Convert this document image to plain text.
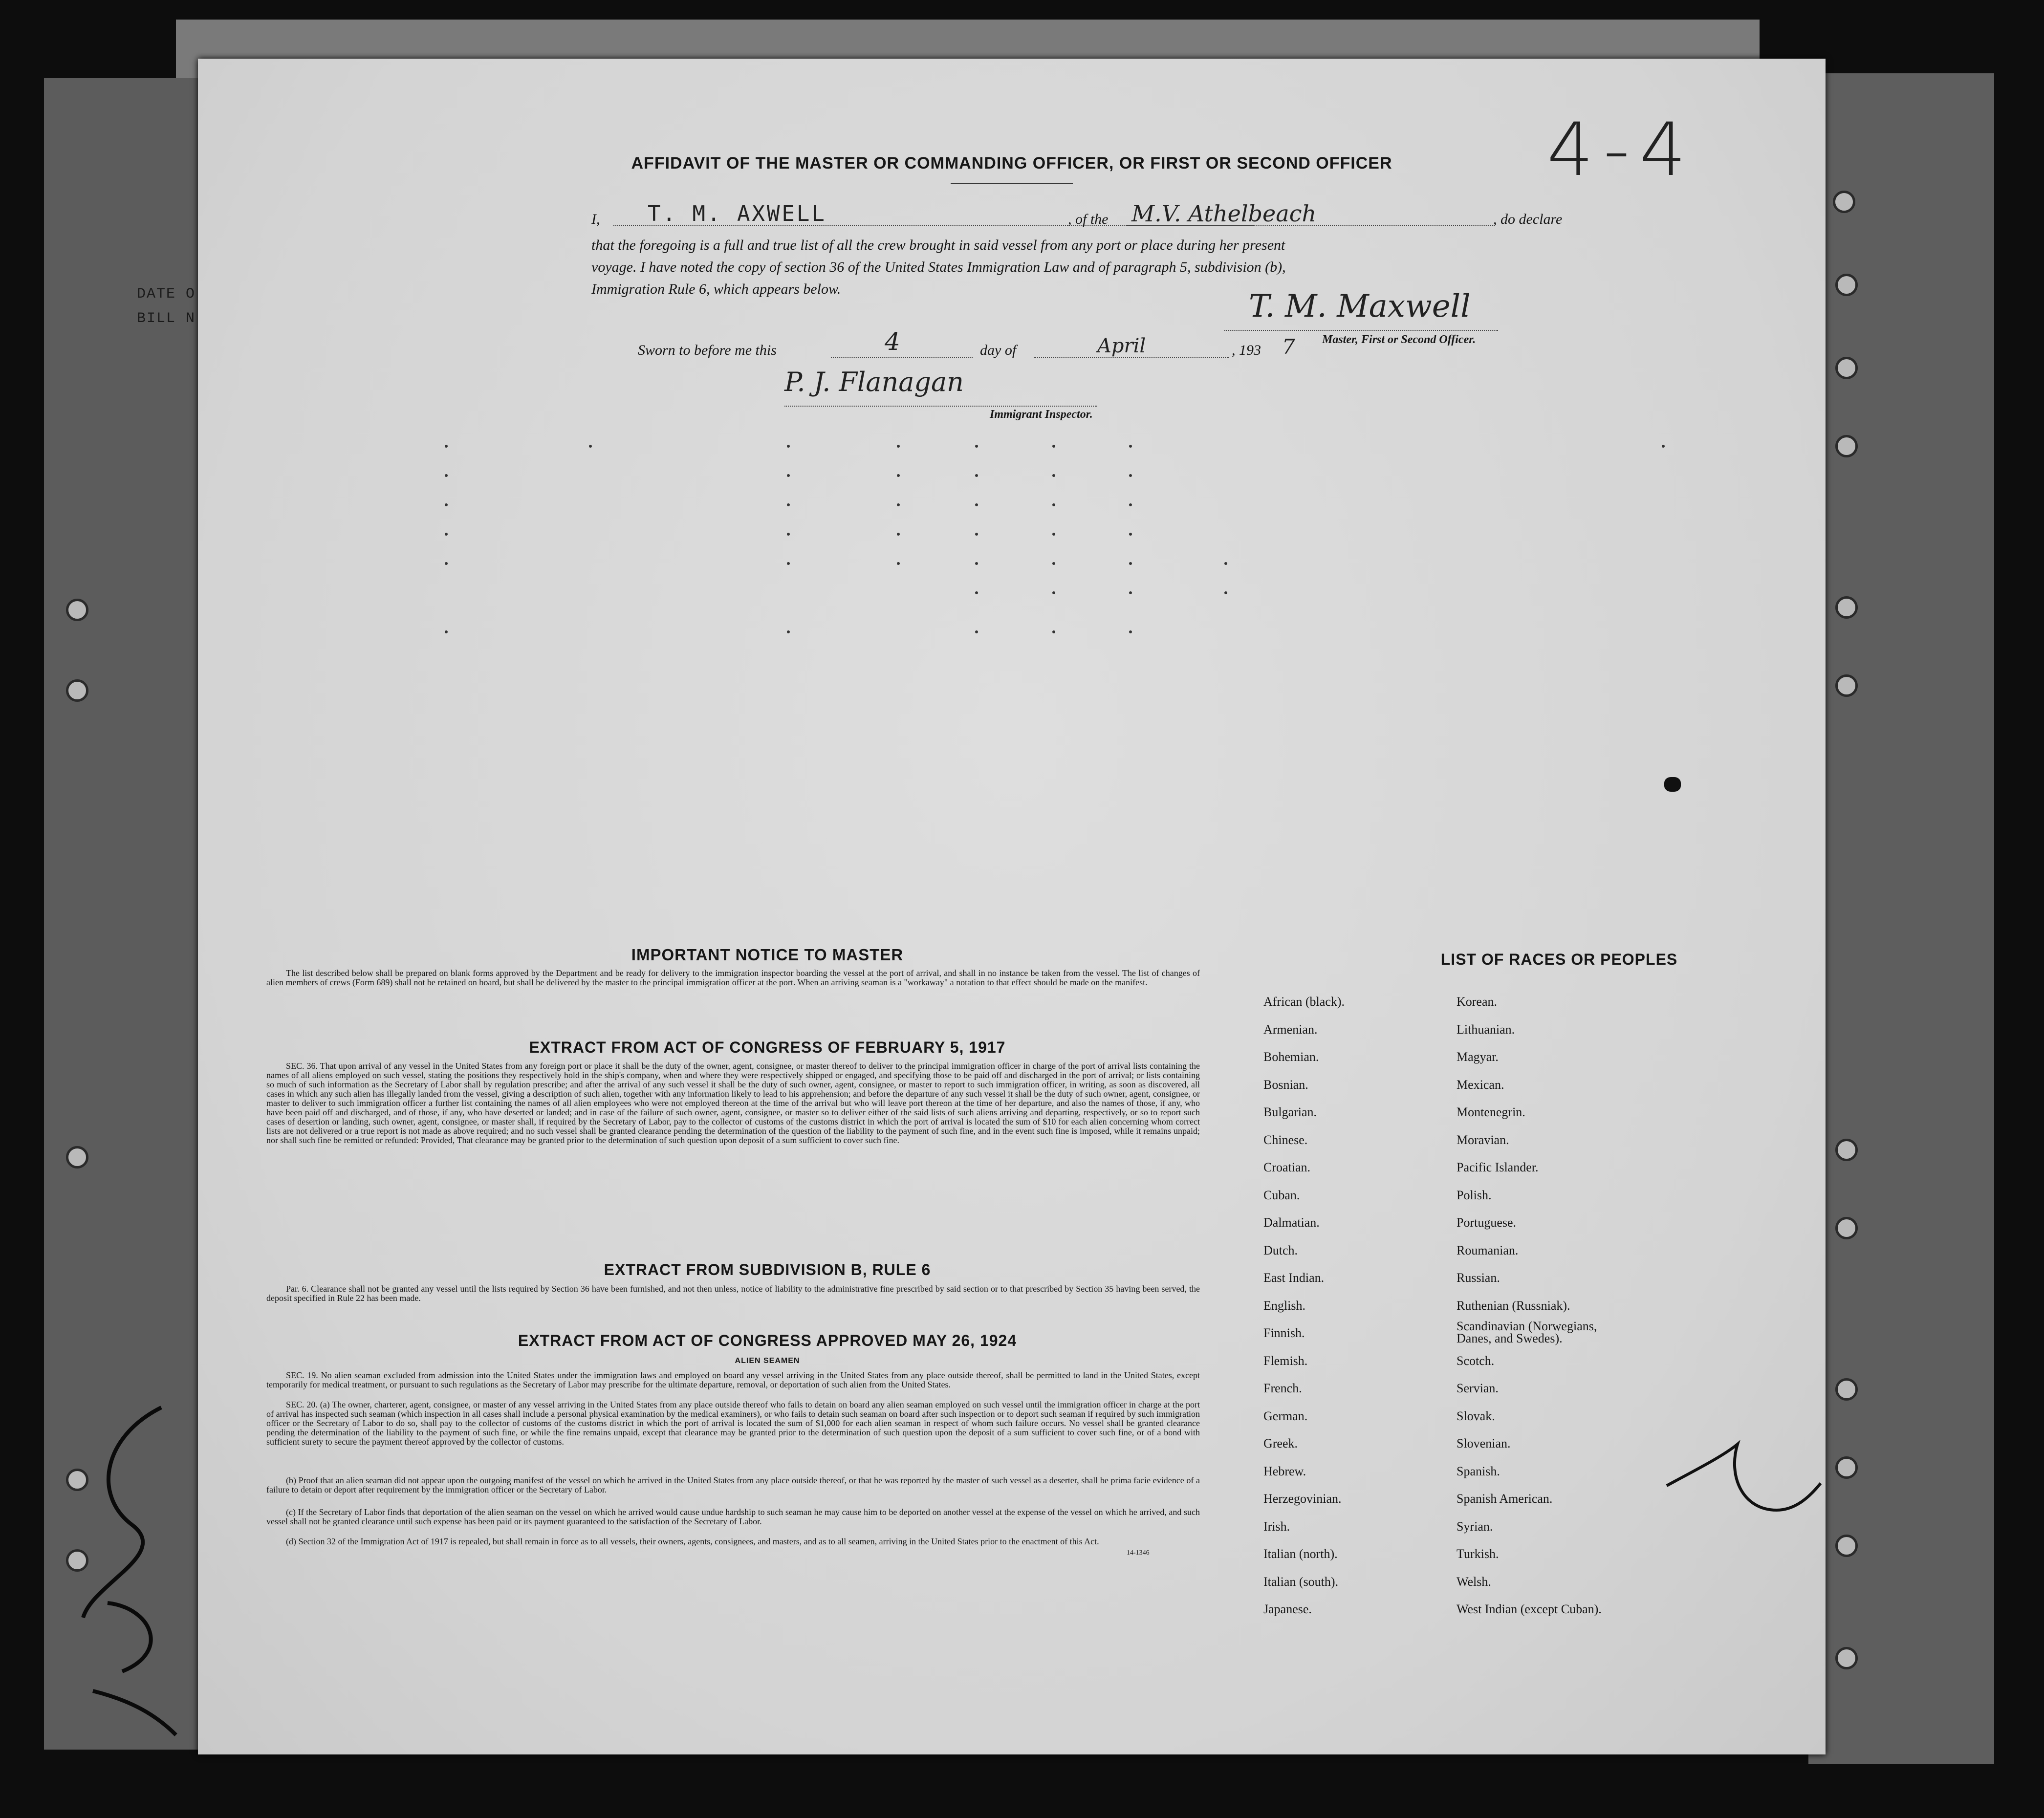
DATE O
BILL N
4-4
AFFIDAVIT OF THE MASTER OR COMMANDING OFFICER, OR FIRST OR SECOND OFFICER
I, T. M. AXWELL	, of the M.V. Athelbeach	, do declare
that the foregoing is a full and true list of all the crew brought in said vessel from any port or place during her present
voyage. I have noted the copy of section 36 of the United States Immigration Law and of paragraph 5, subdivision (b),
Immigration Rule 6, which appears below.	T. M. Maxwell
Master, First or Second Officer.
Sworn to before me this	4	day of	April	, 193 7
P. J. Flanagan
Immigrant Inspector.
IMPORTANT NOTICE TO MASTER
The list described below shall be prepared on blank forms approved by the Department and be ready for delivery to the immigration inspector boarding the vessel at the port of arrival, and shall in no instance be taken from the vessel. The list of changes of alien members of crews (Form 689) shall not be retained on board, but shall be delivered by the master to the principal immigration officer at the port. When an arriving seaman is a "workaway" a notation to that effect should be made on the manifest.
EXTRACT FROM ACT OF CONGRESS OF FEBRUARY 5, 1917
SEC. 36. That upon arrival of any vessel in the United States from any foreign port or place it shall be the duty of the owner, agent, consignee, or master thereof to deliver to the principal immigration officer in charge of the port of arrival lists containing the names of all aliens employed on such vessel, stating the positions they respectively hold in the ship's company, when and where they were respectively shipped or engaged, and specifying those to be paid off and discharged in the port of arrival; or lists containing so much of such information as the Secretary of Labor shall by regulation prescribe; and after the arrival of any such vessel it shall be the duty of such owner, agent, consignee, or master to report to such immigration officer, in writing, as soon as discovered, all cases in which any such alien has illegally landed from the vessel, giving a description of such alien, together with any information likely to lead to his apprehension; and before the departure of any such vessel it shall be the duty of such owner, agent, consignee, or master to deliver to such immigration officer a further list containing the names of all alien employees who were not employed thereon at the time of the arrival but who will leave port thereon at the time of her departure, and also the names of those, if any, who have been paid off and discharged, and of those, if any, who have deserted or landed; and in case of the failure of such owner, agent, consignee, or master so to deliver either of the said lists of such aliens arriving and departing, respectively, or so to report such cases of desertion or landing, such owner, agent, consignee, or master shall, if required by the Secretary of Labor, pay to the collector of customs of the customs district in which the port of arrival is located the sum of $10 for each alien concerning whom correct lists are not delivered or a true report is not made as above required; and no such vessel shall be granted clearance pending the determination of the question of the liability to the payment of such fine, and in the event such fine is imposed, while it remains unpaid; nor shall such fine be remitted or refunded: Provided, That clearance may be granted prior to the determination of such question upon deposit of a sum sufficient to cover such fine.
EXTRACT FROM SUBDIVISION B, RULE 6
Par. 6. Clearance shall not be granted any vessel until the lists required by Section 36 have been furnished, and not then unless, notice of liability to the administrative fine prescribed by said section or to that prescribed by Section 35 having been served, the deposit specified in Rule 22 has been made.
EXTRACT FROM ACT OF CONGRESS APPROVED MAY 26, 1924
ALIEN SEAMEN
SEC. 19. No alien seaman excluded from admission into the United States under the immigration laws and employed on board any vessel arriving in the United States from any place outside thereof, shall be permitted to land in the United States, except temporarily for medical treatment, or pursuant to such regulations as the Secretary of Labor may prescribe for the ultimate departure, removal, or deportation of such alien from the United States.
SEC. 20. (a) The owner, charterer, agent, consignee, or master of any vessel arriving in the United States from any place outside thereof who fails to detain on board any alien seaman employed on such vessel until the immigration officer in charge at the port of arrival has inspected such seaman (which inspection in all cases shall include a personal physical examination by the medical examiners), or who fails to detain such seaman on board after such inspection or to deport such seaman if required by such immigration officer or the Secretary of Labor to do so, shall pay to the collector of customs of the customs district in which the port of arrival is located the sum of $1,000 for each alien seaman in respect of whom such failure occurs. No vessel shall be granted clearance pending the determination of the liability to the payment of such fine, or while the fine remains unpaid, except that clearance may be granted prior to the determination of such question upon the deposit of a sum sufficient to cover such fine, or of a bond with sufficient surety to secure the payment thereof approved by the collector of customs.
(b) Proof that an alien seaman did not appear upon the outgoing manifest of the vessel on which he arrived in the United States from any place outside thereof, or that he was reported by the master of such vessel as a deserter, shall be prima facie evidence of a failure to detain or deport after requirement by the immigration officer or the Secretary of Labor.
(c) If the Secretary of Labor finds that deportation of the alien seaman on the vessel on which he arrived would cause undue hardship to such seaman he may cause him to be deported on another vessel at the expense of the vessel on which he arrived, and such vessel shall not be granted clearance until such expense has been paid or its payment guaranteed to the satisfaction of the Secretary of Labor.
(d) Section 32 of the Immigration Act of 1917 is repealed, but shall remain in force as to all vessels, their owners, agents, consignees, and masters, and as to all seamen, arriving in the United States prior to the enactment of this Act.
14-1346
LIST OF RACES OR PEOPLES
African (black).
Armenian.
Bohemian.
Bosnian.
Bulgarian.
Chinese.
Croatian.
Cuban.
Dalmatian.
Dutch.
East Indian.
English.
Finnish.
Flemish.
French.
German.
Greek.
Hebrew.
Herzegovinian.
Irish.
Italian (north).
Italian (south).
Japanese.
Korean.
Lithuanian.
Magyar.
Mexican.
Montenegrin.
Moravian.
Pacific Islander.
Polish.
Portuguese.
Roumanian.
Russian.
Ruthenian (Russniak).
Scandinavian (Norwegians, Danes, and Swedes).
Scotch.
Servian.
Slovak.
Slovenian.
Spanish.
Spanish American.
Syrian.
Turkish.
Welsh.
West Indian (except Cuban).
